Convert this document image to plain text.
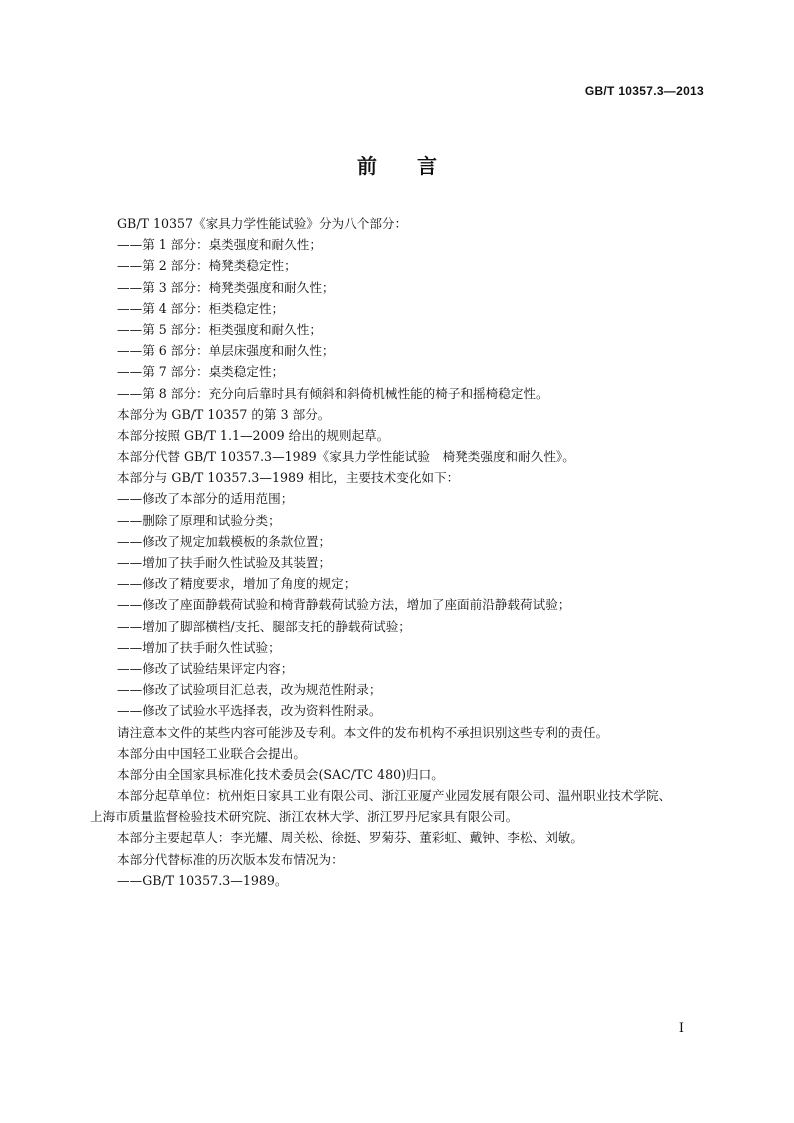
GB/T 10357.3—2013
前言
GB/T 10357《家具力学性能试验》分为八个部分：
——第 1 部分：桌类强度和耐久性；
——第 2 部分：椅凳类稳定性；
——第 3 部分：椅凳类强度和耐久性；
——第 4 部分：柜类稳定性；
——第 5 部分：柜类强度和耐久性；
——第 6 部分：单层床强度和耐久性；
——第 7 部分：桌类稳定性；
——第 8 部分：充分向后靠时具有倾斜和斜倚机械性能的椅子和摇椅稳定性。
本部分为 GB/T 10357 的第 3 部分。
本部分按照 GB/T 1.1—2009 给出的规则起草。
本部分代替 GB/T 10357.3—1989《家具力学性能试验　椅凳类强度和耐久性》。
本部分与 GB/T 10357.3—1989 相比，主要技术变化如下：
——修改了本部分的适用范围；
——删除了原理和试验分类；
——修改了规定加载模板的条款位置；
——增加了扶手耐久性试验及其装置；
——修改了精度要求，增加了角度的规定；
——修改了座面静载荷试验和椅背静载荷试验方法，增加了座面前沿静载荷试验；
——增加了脚部横档/支托、腿部支托的静载荷试验；
——增加了扶手耐久性试验；
——修改了试验结果评定内容；
——修改了试验项目汇总表，改为规范性附录；
——修改了试验水平选择表，改为资料性附录。
请注意本文件的某些内容可能涉及专利。本文件的发布机构不承担识别这些专利的责任。
本部分由中国轻工业联合会提出。
本部分由全国家具标准化技术委员会(SAC/TC 480)归口。
本部分起草单位：杭州炬日家具工业有限公司、浙江亚厦产业园发展有限公司、温州职业技术学院、
上海市质量监督检验技术研究院、浙江农林大学、浙江罗丹尼家具有限公司。
本部分主要起草人：李光耀、周关松、徐挺、罗菊芬、董彩虹、戴钟、李松、刘敏。
本部分代替标准的历次版本发布情况为：
——GB/T 10357.3—1989。
I
